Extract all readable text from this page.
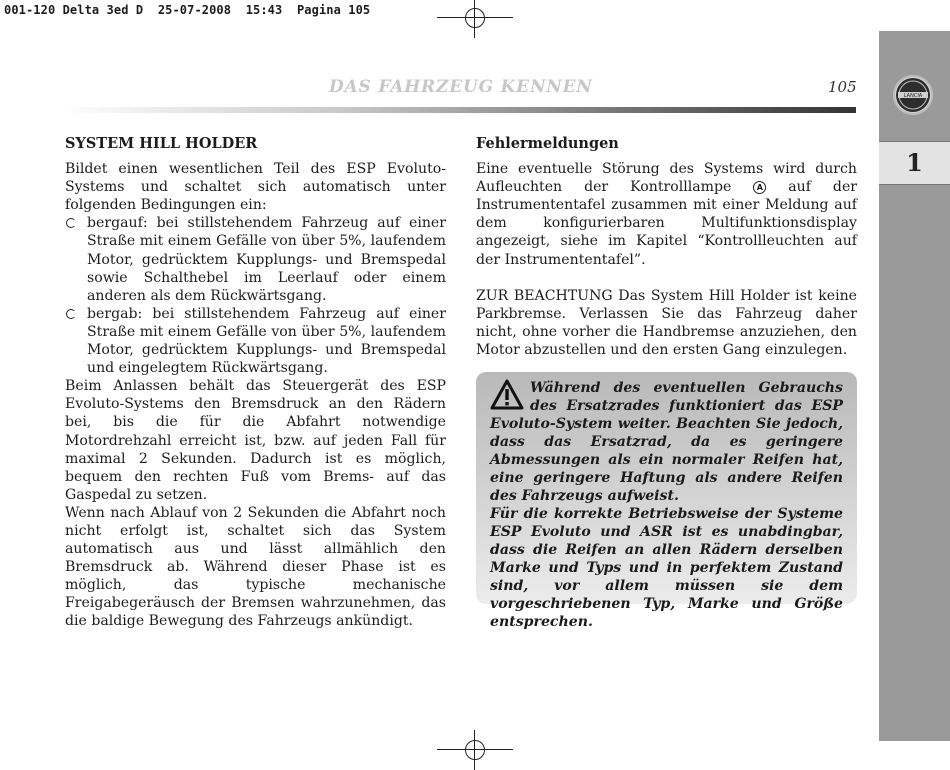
001-120 Delta 3ed D  25-07-2008  15:43  Pagina 105
LANCIA
1
DAS FAHRZEUG KENNEN	105
SYSTEM HILL HOLDER

Bildet einen wesentlichen Teil des ESP Evoluto-Systems und schaltet sich automatisch unter folgenden Bedingungen ein:

bergauf: bei stillstehendem Fahrzeug auf einer Straße mit einem Gefälle von über 5%, laufendem Motor, gedrücktem Kupplungs- und Bremspedal sowie Schalthebel im Leerlauf oder einem anderen als dem Rückwärtsgang.
bergab: bei stillstehendem Fahrzeug auf einer Straße mit einem Gefälle von über 5%, laufendem Motor, gedrücktem Kupplungs- und Bremspedal und eingelegtem Rückwärtsgang.

Beim Anlassen behält das Steuergerät des ESP Evoluto-Systems den Bremsdruck an den Rädern bei, bis die für die Abfahrt notwendige Motordrehzahl erreicht ist, bzw. auf jeden Fall für maximal 2 Sekunden. Dadurch ist es möglich, bequem den rechten Fuß vom Brems- auf das Gaspedal zu setzen.

Wenn nach Ablauf von 2 Sekunden die Abfahrt noch nicht erfolgt ist, schaltet sich das System automatisch aus und lässt allmählich den Bremsdruck ab. Während dieser Phase ist es möglich, das typische mechanische Freigabegeräusch der Bremsen wahrzunehmen, das die baldige Bewegung des Fahrzeugs ankündigt.

Fehlermeldungen

Eine eventuelle Störung des Systems wird durch Aufleuchten der Kontrolllampe	A auf der Instrumententafel zusammen mit einer Meldung auf dem konfigurierbaren Multifunktionsdisplay angezeigt, siehe im Kapitel “Kontrollleuchten auf der Instrumententafel”.

ZUR BEACHTUNG Das System Hill Holder ist keine Parkbremse. Verlassen Sie das Fahrzeug daher nicht, ohne vorher die Handbremse anzuziehen, den Motor abzustellen und den ersten Gang einzulegen.

Während des eventuellen Gebrauchs des Ersatzrades funktioniert das ESP Evoluto-System weiter. Beachten Sie jedoch, dass das Ersatzrad, da es geringere Abmessungen als ein normaler Reifen hat, eine geringere Haftung als andere Reifen des Fahrzeugs aufweist.

Für die korrekte Betriebsweise der Systeme ESP Evoluto und ASR ist es unabdingbar, dass die Reifen an allen Rädern derselben Marke und Typs und in perfektem Zustand sind, vor allem müssen sie dem vorgeschriebenen Typ, Marke und Größe entsprechen.
